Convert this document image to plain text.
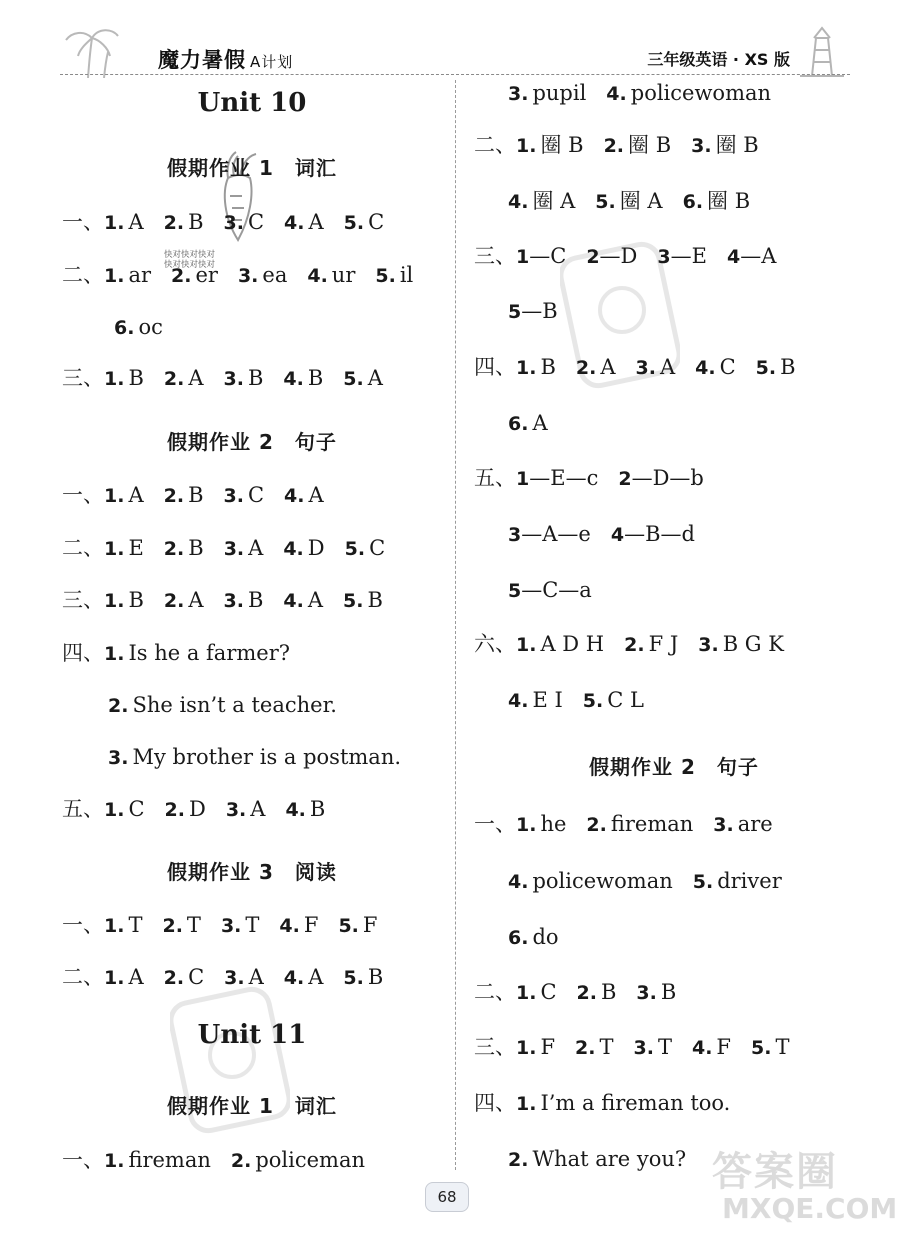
魔力暑假 A计划	三年级英语 · XS 版
答案圈
MXQE.COM
快对快对快对
快对快对快对
Unit 10
假期作业 1　词汇
一、1. A 2. B 3. C 4. A 5. C
二、1. ar 2. er 3. ea 4. ur 5. il
6. oc
三、1. B 2. A 3. B 4. B 5. A
假期作业 2　句子
一、1. A 2. B 3. C 4. A
二、1. E 2. B 3. A 4. D 5. C
三、1. B 2. A 3. B 4. A 5. B
四、1. Is he a farmer?
2. She isn’t a teacher.
3. My brother is a postman.
五、1. C 2. D 3. A 4. B
假期作业 3　阅读
一、1. T 2. T 3. T 4. F 5. F
二、1. A 2. C 3. A 4. A 5. B
Unit 11
假期作业 1　词汇
一、1. fireman 2. policeman
3. pupil 4. policewoman
二、1. 圈 B 2. 圈 B 3. 圈 B
4. 圈 A 5. 圈 A 6. 圈 B
三、1—C 2—D 3—E 4—A
5—B
四、1. B 2. A 3. A 4. C 5. B
6. A
五、1—E—c 2—D—b
3—A—e 4—B—d
5—C—a
六、1. A D H 2. F J 3. B G K
4. E I 5. C L
假期作业 2　句子
一、1. he 2. fireman 3. are
4. policewoman 5. driver
6. do
二、1. C 2. B 3. B
三、1. F 2. T 3. T 4. F 5. T
四、1. I’m a fireman too.
2. What are you?
68
